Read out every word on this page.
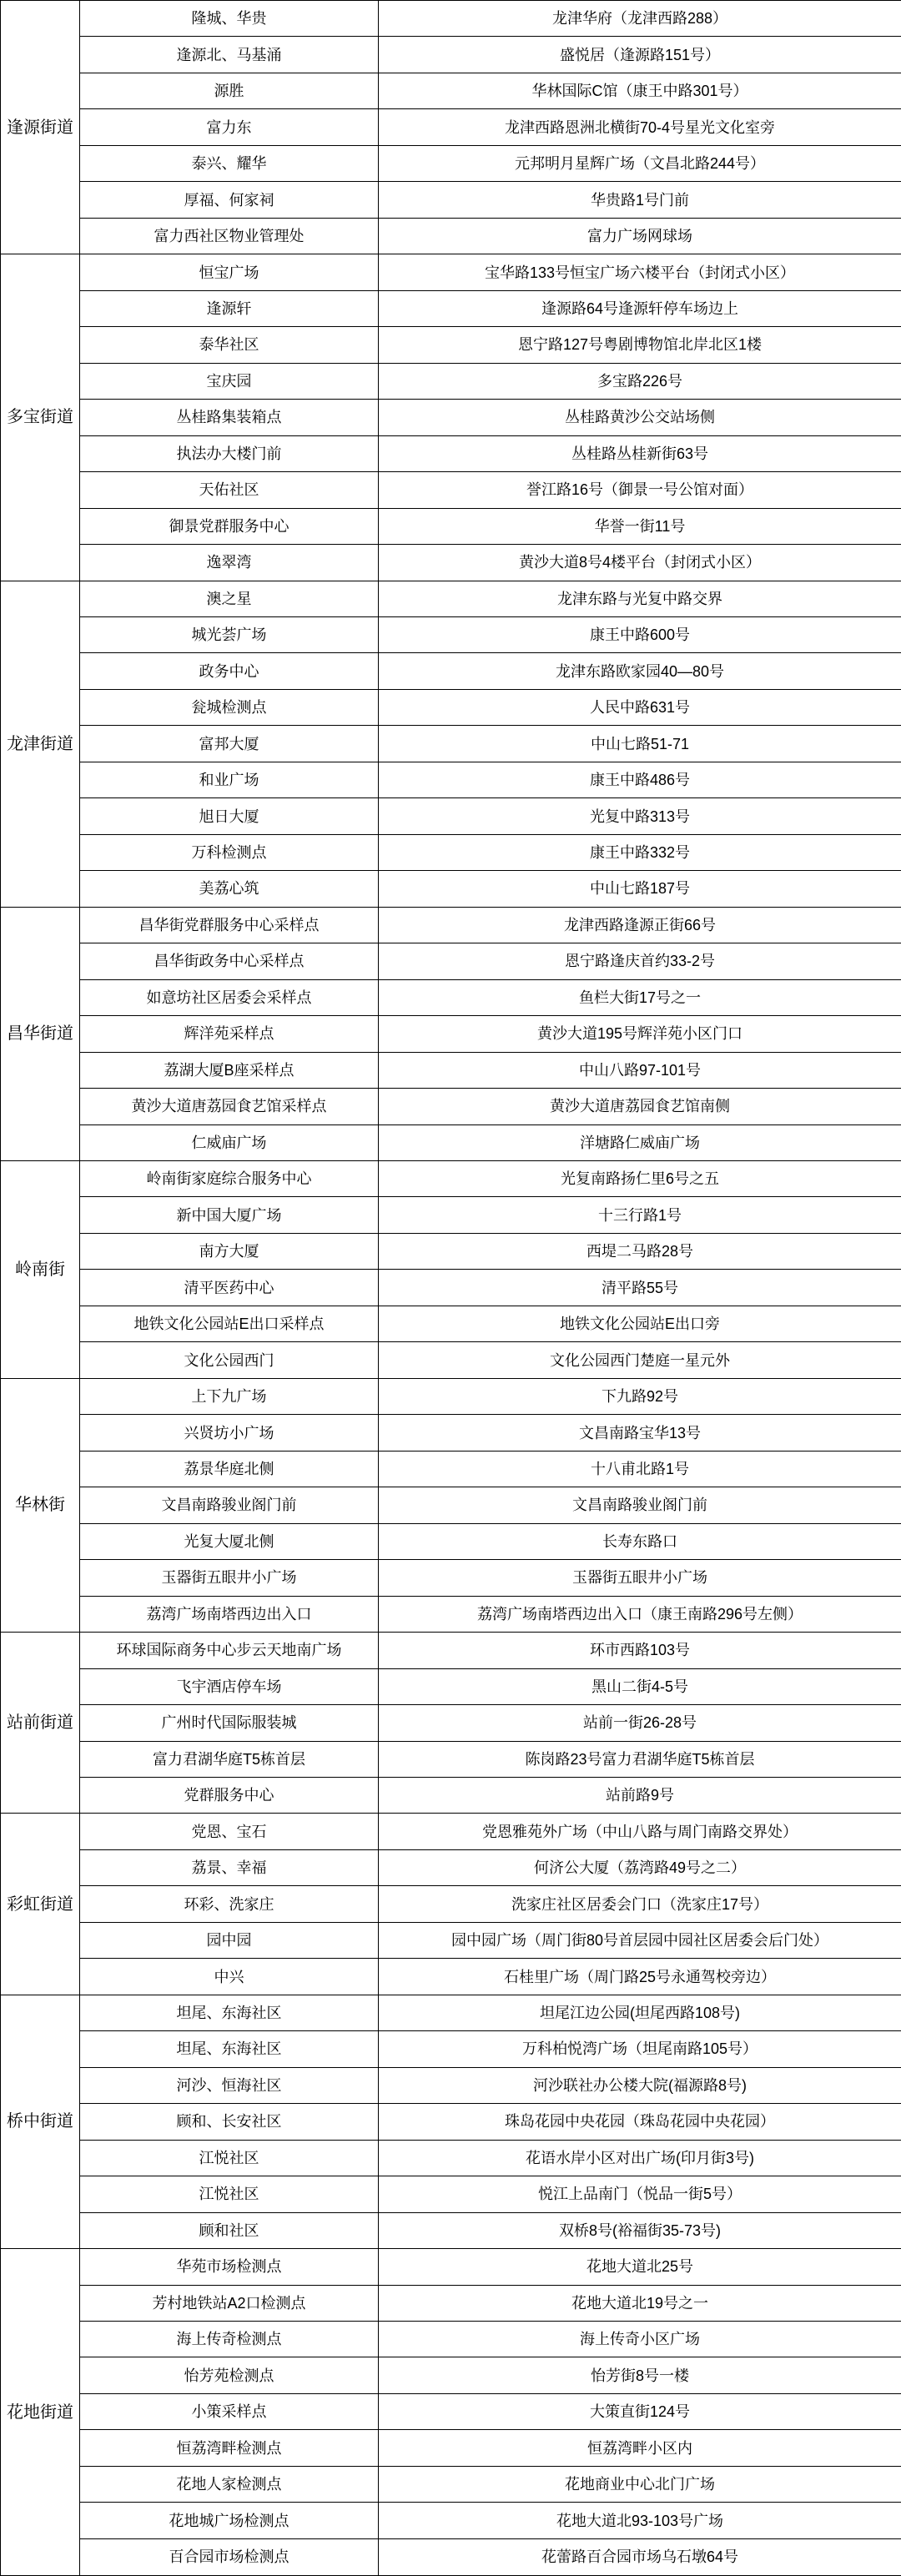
逢源街道	隆城、华贵	龙津华府（龙津西路288）
	逢源北、马基涌	盛悦居（逢源路151号）
	源胜	华林国际C馆（康王中路301号）
	富力东	龙津西路恩洲北横街70-4号星光文化室旁
	泰兴、耀华	元邦明月星辉广场（文昌北路244号）
	厚福、何家祠	华贵路1号门前
	富力西社区物业管理处	富力广场网球场
多宝街道	恒宝广场	宝华路133号恒宝广场六楼平台（封闭式小区）
	逢源轩	逢源路64号逢源轩停车场边上
	泰华社区	恩宁路127号粤剧博物馆北岸北区1楼
	宝庆园	多宝路226号
	丛桂路集装箱点	丛桂路黄沙公交站场侧
	执法办大楼门前	丛桂路丛桂新街63号
	天佑社区	誉江路16号（御景一号公馆对面）
	御景党群服务中心	华誉一街11号
	逸翠湾	黄沙大道8号4楼平台（封闭式小区）
龙津街道	澳之星	龙津东路与光复中路交界
	城光荟广场	康王中路600号
	政务中心	龙津东路欧家园40—80号
	瓮城检测点	人民中路631号
	富邦大厦	中山七路51-71
	和业广场	康王中路486号
	旭日大厦	光复中路313号
	万科检测点	康王中路332号
	美荔心筑	中山七路187号
昌华街道	昌华街党群服务中心采样点	龙津西路逢源正街66号
	昌华街政务中心采样点	恩宁路逢庆首约33-2号
	如意坊社区居委会采样点	鱼栏大街17号之一
	辉洋苑采样点	黄沙大道195号辉洋苑小区门口
	荔湖大厦B座采样点	中山八路97-101号
	黄沙大道唐荔园食艺馆采样点	黄沙大道唐荔园食艺馆南侧
	仁威庙广场	洋塘路仁威庙广场
岭南街	岭南街家庭综合服务中心	光复南路扬仁里6号之五
	新中国大厦广场	十三行路1号
	南方大厦	西堤二马路28号
	清平医药中心	清平路55号
	地铁文化公园站E出口采样点	地铁文化公园站E出口旁
	文化公园西门	文化公园西门楚庭一星元外
华林街	上下九广场	下九路92号
	兴贤坊小广场	文昌南路宝华13号
	荔景华庭北侧	十八甫北路1号
	文昌南路骏业阁门前	文昌南路骏业阁门前
	光复大厦北侧	长寿东路口
	玉器街五眼井小广场	玉器街五眼井小广场
	荔湾广场南塔西边出入口	荔湾广场南塔西边出入口（康王南路296号左侧）
站前街道	环球国际商务中心步云天地南广场	环市西路103号
	飞宇酒店停车场	黑山二街4-5号
	广州时代国际服装城	站前一街26-28号
	富力君湖华庭T5栋首层	陈岗路23号富力君湖华庭T5栋首层
	党群服务中心	站前路9号
彩虹街道	党恩、宝石	党恩雅苑外广场（中山八路与周门南路交界处）
	荔景、幸福	何济公大厦（荔湾路49号之二）
	环彩、洗家庄	洗家庄社区居委会门口（洗家庄17号）
	园中园	园中园广场（周门街80号首层园中园社区居委会后门处）
	中兴	石桂里广场（周门路25号永通驾校旁边）
桥中街道	坦尾、东海社区	坦尾江边公园(坦尾西路108号)
	坦尾、东海社区	万科柏悦湾广场（坦尾南路105号）
	河沙、恒海社区	河沙联社办公楼大院(福源路8号)
	顾和、长安社区	珠岛花园中央花园（珠岛花园中央花园）
	江悦社区	花语水岸小区对出广场(印月街3号)
	江悦社区	悦江上品南门（悦品一街5号）
	顾和社区	双桥8号(裕福街35-73号)
花地街道	华苑市场检测点	花地大道北25号
	芳村地铁站A2口检测点	花地大道北19号之一
	海上传奇检测点	海上传奇小区广场
	怡芳苑检测点	怡芳街8号一楼
	小策采样点	大策直街124号
	恒荔湾畔检测点	恒荔湾畔小区内
	花地人家检测点	花地商业中心北门广场
	花地城广场检测点	花地大道北93-103号广场
	百合园市场检测点	花蕾路百合园市场乌石墩64号
